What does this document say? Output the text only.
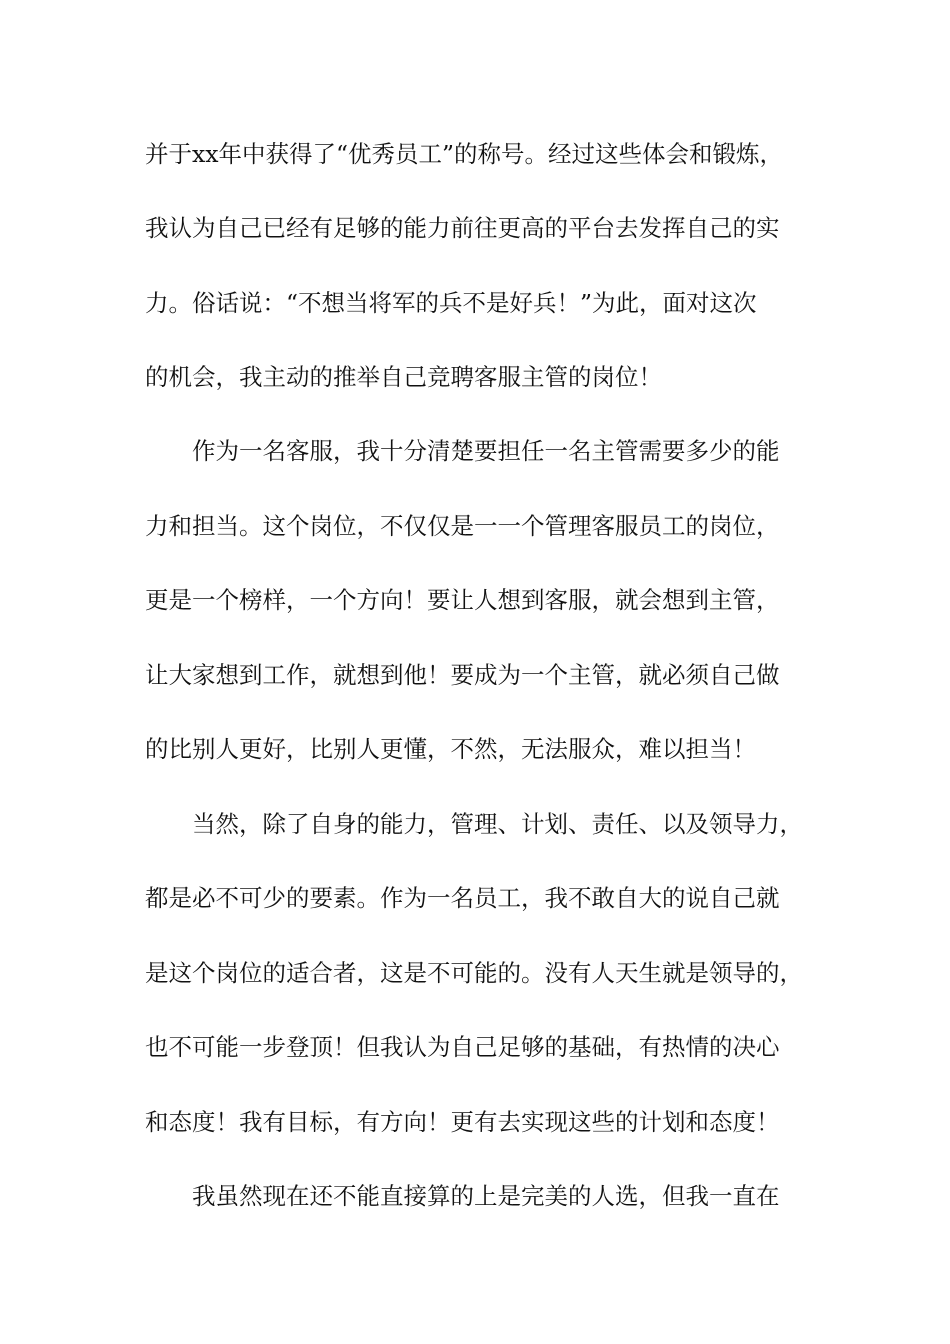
并于xx年中获得了“优秀员工”的称号。经过这些体会和锻炼，
我认为自己已经有足够的能力前往更高的平台去发挥自己的实
力。俗话说：“不想当将军的兵不是好兵！”为此，面对这次
的机会，我主动的推举自己竞聘客服主管的岗位！
作为一名客服，我十分清楚要担任一名主管需要多少的能
力和担当。这个岗位，不仅仅是一一个管理客服员工的岗位，
更是一个榜样，一个方向！要让人想到客服，就会想到主管，
让大家想到工作，就想到他！要成为一个主管，就必须自己做
的比别人更好，比别人更懂，不然，无法服众，难以担当！
当然，除了自身的能力，管理、计划、责任、以及领导力，
都是必不可少的要素。作为一名员工，我不敢自大的说自己就
是这个岗位的适合者，这是不可能的。没有人天生就是领导的，
也不可能一步登顶！但我认为自己足够的基础，有热情的决心
和态度！我有目标，有方向！更有去实现这些的计划和态度！
我虽然现在还不能直接算的上是完美的人选，但我一直在
